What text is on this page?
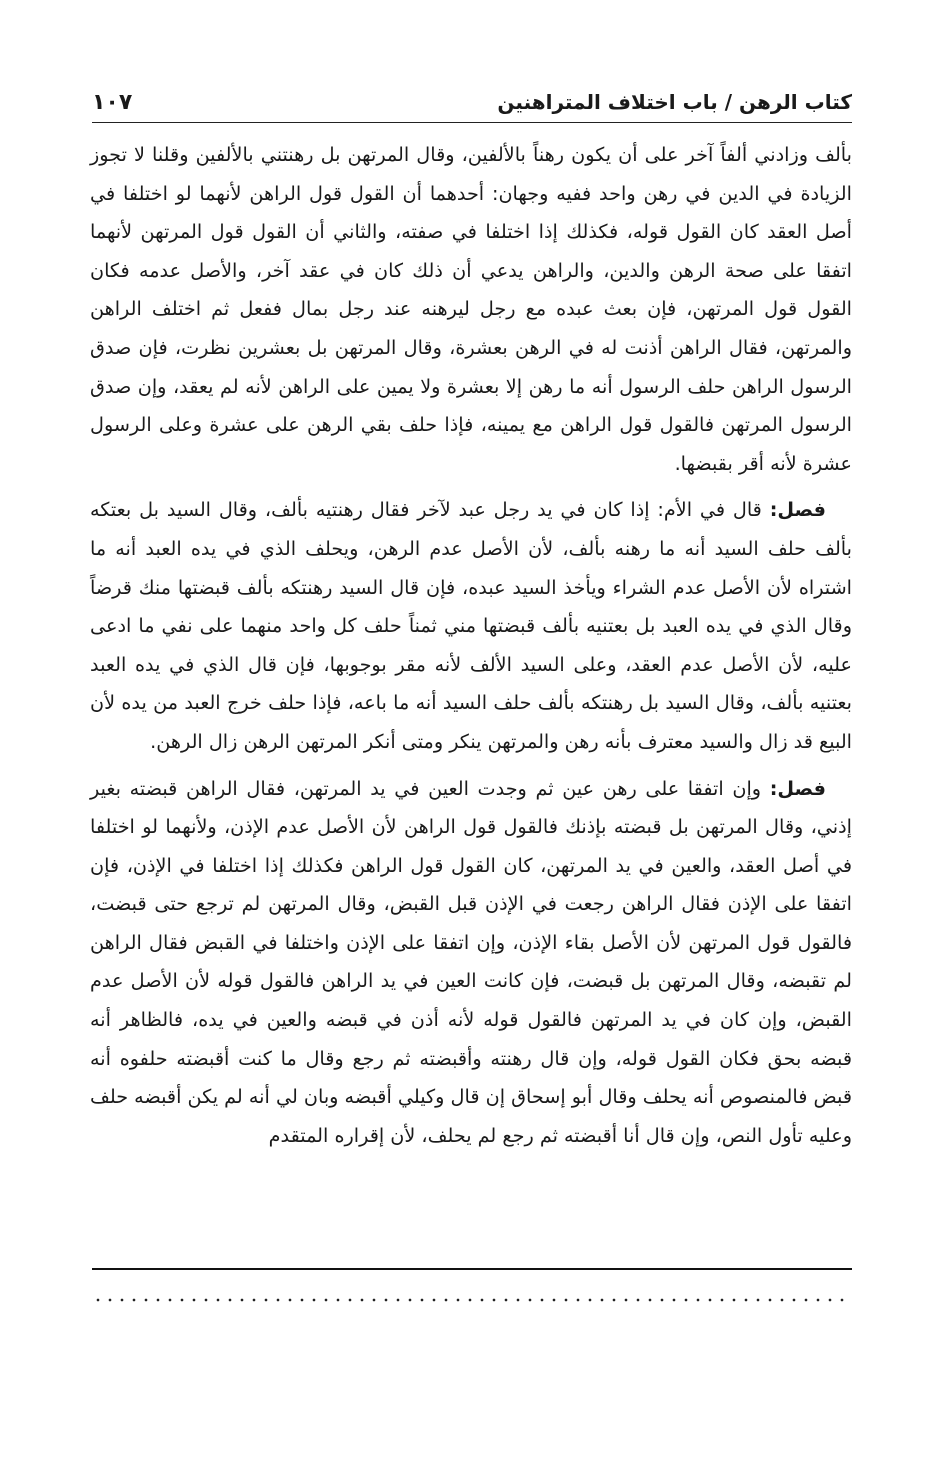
كتاب الرهن / باب اختلاف المتراهنين
١٠٧

بألف وزادني ألفاً آخر على أن يكون رهناً بالألفين، وقال المرتهن بل رهنتني بالألفين وقلنا لا تجوز الزيادة في الدين في رهن واحد ففيه وجهان: أحدهما أن القول قول الراهن لأنهما لو اختلفا في أصل العقد كان القول قوله، فكذلك إذا اختلفا في صفته، والثاني أن القول قول المرتهن لأنهما اتفقا على صحة الرهن والدين، والراهن يدعي أن ذلك كان في عقد آخر، والأصل عدمه فكان القول قول المرتهن، فإن بعث عبده مع رجل ليرهنه عند رجل بمال ففعل ثم اختلف الراهن والمرتهن، فقال الراهن أذنت له في الرهن بعشرة، وقال المرتهن بل بعشرين نظرت، فإن صدق الرسول الراهن حلف الرسول أنه ما رهن إلا بعشرة ولا يمين على الراهن لأنه لم يعقد، وإن صدق الرسول المرتهن فالقول قول الراهن مع يمينه، فإذا حلف بقي الرهن على عشرة وعلى الرسول عشرة لأنه أقر بقبضها.

فصل: قال في الأم: إذا كان في يد رجل عبد لآخر فقال رهنتيه بألف، وقال السيد بل بعتكه بألف حلف السيد أنه ما رهنه بألف، لأن الأصل عدم الرهن، ويحلف الذي في يده العبد أنه ما اشتراه لأن الأصل عدم الشراء ويأخذ السيد عبده، فإن قال السيد رهنتكه بألف قبضتها منك قرضاً وقال الذي في يده العبد بل بعتنيه بألف قبضتها مني ثمناً حلف كل واحد منهما على نفي ما ادعى عليه، لأن الأصل عدم العقد، وعلى السيد الألف لأنه مقر بوجوبها، فإن قال الذي في يده العبد بعتنيه بألف، وقال السيد بل رهنتكه بألف حلف السيد أنه ما باعه، فإذا حلف خرج العبد من يده لأن البيع قد زال والسيد معترف بأنه رهن والمرتهن ينكر ومتى أنكر المرتهن الرهن زال الرهن.

فصل: وإن اتفقا على رهن عين ثم وجدت العين في يد المرتهن، فقال الراهن قبضته بغير إذني، وقال المرتهن بل قبضته بإذنك فالقول قول الراهن لأن الأصل عدم الإذن، ولأنهما لو اختلفا في أصل العقد، والعين في يد المرتهن، كان القول قول الراهن فكذلك إذا اختلفا في الإذن، فإن اتفقا على الإذن فقال الراهن رجعت في الإذن قبل القبض، وقال المرتهن لم ترجع حتى قبضت، فالقول قول المرتهن لأن الأصل بقاء الإذن، وإن اتفقا على الإذن واختلفا في القبض فقال الراهن لم تقبضه، وقال المرتهن بل قبضت، فإن كانت العين في يد الراهن فالقول قوله لأن الأصل عدم القبض، وإن كان في يد المرتهن فالقول قوله لأنه أذن في قبضه والعين في يده، فالظاهر أنه قبضه بحق فكان القول قوله، وإن قال رهنته وأقبضته ثم رجع وقال ما كنت أقبضته حلفوه أنه قبض فالمنصوص أنه يحلف وقال أبو إسحاق إن قال وكيلي أقبضه وبان لي أنه لم يكن أقبضه حلف وعليه تأول النص، وإن قال أنا أقبضته ثم رجع لم يحلف، لأن إقراره المتقدم
